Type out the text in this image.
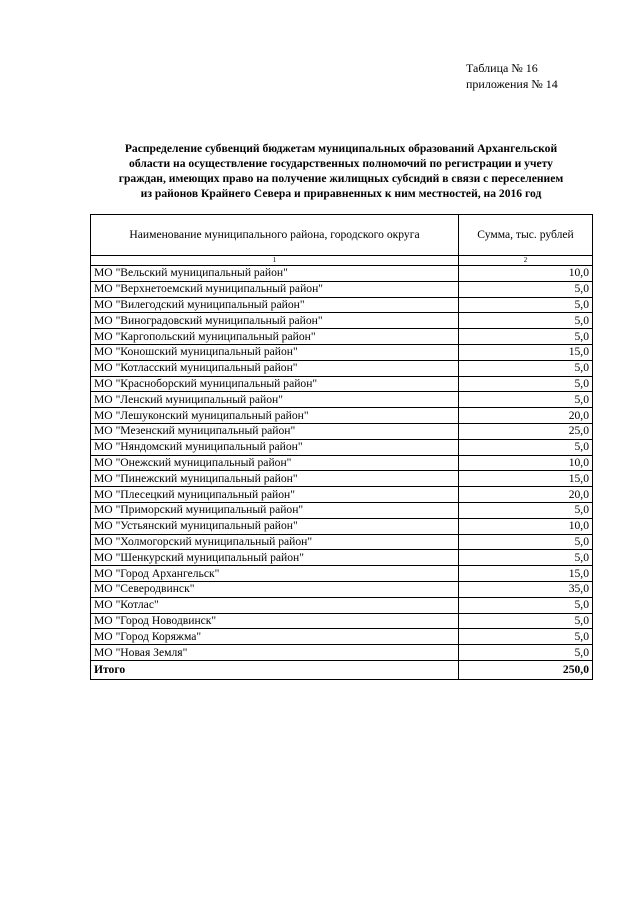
Таблица № 16
приложения № 14
Распределение субвенций бюджетам муниципальных образований Архангельской
области на осуществление государственных полномочий по регистрации и учету
граждан, имеющих право на получение жилищных субсидий в связи с переселением
из районов Крайнего Севера и приравненных к ним местностей, на 2016 год
Наименование муниципального района, городского округа	Сумма, тыс. рублей
1	2
МО "Вельский муниципальный район"	10,0
МО "Верхнетоемский муниципальный район"	5,0
МО "Вилегодский муниципальный район"	5,0
МО "Виноградовский муниципальный район"	5,0
МО "Каргопольский муниципальный район"	5,0
МО "Коношский муниципальный район"	15,0
МО "Котласский муниципальный район"	5,0
МО "Красноборский муниципальный район"	5,0
МО "Ленский муниципальный район"	5,0
МО "Лешуконский муниципальный район"	20,0
МО "Мезенский муниципальный район"	25,0
МО "Няндомский муниципальный район"	5,0
МО "Онежский муниципальный район"	10,0
МО "Пинежский муниципальный район"	15,0
МО "Плесецкий муниципальный район"	20,0
МО "Приморский муниципальный район"	5,0
МО "Устьянский муниципальный район"	10,0
МО "Холмогорский муниципальный район"	5,0
МО "Шенкурский муниципальный район"	5,0
МО "Город Архангельск"	15,0
МО "Северодвинск"	35,0
МО "Котлас"	5,0
МО "Город Новодвинск"	5,0
МО "Город Коряжма"	5,0
МО "Новая Земля"	5,0
Итого	250,0
